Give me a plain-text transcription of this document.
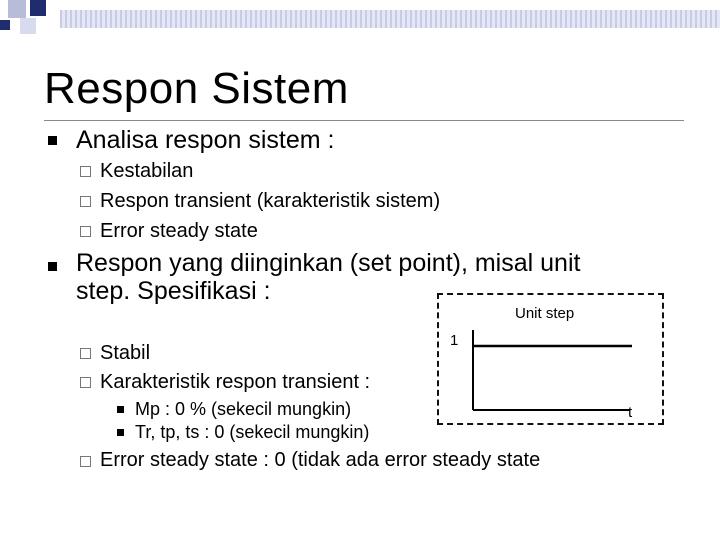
Respon Sistem
Analisa respon sistem :
Kestabilan
Respon transient (karakteristik sistem)
Error steady state
Respon yang diinginkan (set point), misal unit
step. Spesifikasi :
Stabil
Karakteristik respon transient :
Mp : 0 % (sekecil mungkin)
Tr, tp, ts : 0 (sekecil mungkin)
Error steady state : 0 (tidak ada error steady state
Unit step
1
t
